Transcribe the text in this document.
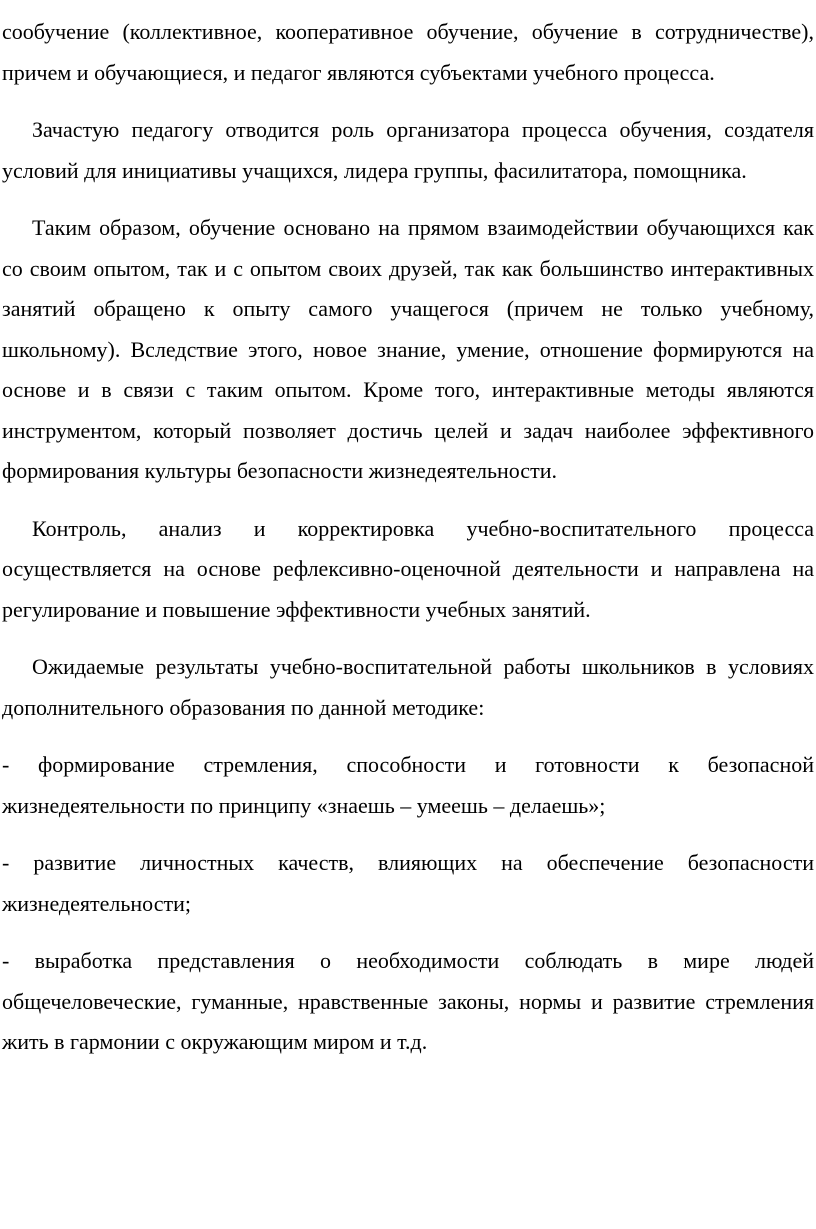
сообучение (коллективное, кооперативное обучение, обучение в сотрудничестве), причем и обучающиеся, и педагог являются субъектами учебного процесса.

Зачастую педагогу отводится роль организатора процесса обучения, создателя условий для инициативы учащихся, лидера группы, фасилитатора, помощника.

Таким образом, обучение основано на прямом взаимодействии обучающихся как со своим опытом, так и с опытом своих друзей, так как большинство интерактивных занятий обращено к опыту самого учащегося (причем не только учебному, школьному). Вследствие этого, новое знание, умение, отношение формируются на основе и в связи с таким опытом. Кроме того, интерактивные методы являются инструментом, который позволяет достичь целей и задач наиболее эффективного формирования культуры безопасности жизнедеятельности.

Контроль, анализ и корректировка учебно-воспитательного процесса осуществляется на основе рефлексивно-оценочной деятельности и направлена на регулирование и повышение эффективности учебных занятий.

Ожидаемые результаты учебно-воспитательной работы школьников в условиях дополнительного образования по данной методике:

- формирование стремления, способности и готовности к безопасной жизнедеятельности по принципу «знаешь – умеешь – делаешь»;

- развитие личностных качеств, влияющих на обеспечение безопасности жизнедеятельности;

- выработка представления о необходимости соблюдать в мире людей общечеловеческие, гуманные, нравственные законы, нормы и развитие стремления жить в гармонии с окружающим миром и т.д.
